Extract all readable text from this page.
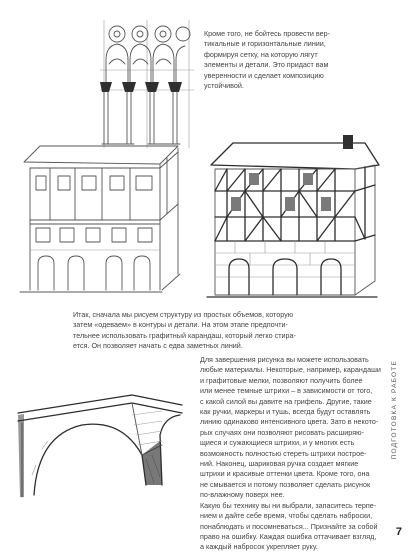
Кроме того, не бойтесь провести вер-
тикальные и горизонтальные линии,
формируя сетку, на которую лягут
элементы и детали. Это придаст вам
уверенности и сделает композицию
устойчивой.
Итак, сначала мы рисуем структуру из простых объемов, которую
затем «одеваем» в контуры и детали. На этом этапе предпочти-
тельнее использовать графитный карандаш, который легко стира-
ется. Он позволяет начать с едва заметных линий.
Для завершения рисунка вы можете использовать
любые материалы. Некоторые, например, карандаши
и графитовые мелки, позволяют получить более
или менее темные штрихи – в зависимости от того,
с какой силой вы давите на грифель. Другие, такие
как ручки, маркеры и тушь, всегда будут оставлять
линию одинаково интенсивного цвета. Зато в некото-
рых случаях они позволяют рисовать расширяю-
щиеся и сужающиеся штрихи, и у многих есть
возможность полностью стереть штрихи построе-
ний. Наконец, шариковая ручка создает мягкие
штрихи и красивые оттенки цвета. Кроме того, она
не смывается и потому позволяет сделать рисунок
по-влажному поверх нее.
Какую бы технику вы ни выбрали, запаситесь терпе-
нием и дайте себе время, чтобы сделать наброски,
понаблюдать и посомневаться... Признайте за собой
право на ошибку. Каждая ошибка оттачивает взгляд,
а каждый набросок укрепляет руку.
ПОДГОТОВКА К РАБОТЕ
7
